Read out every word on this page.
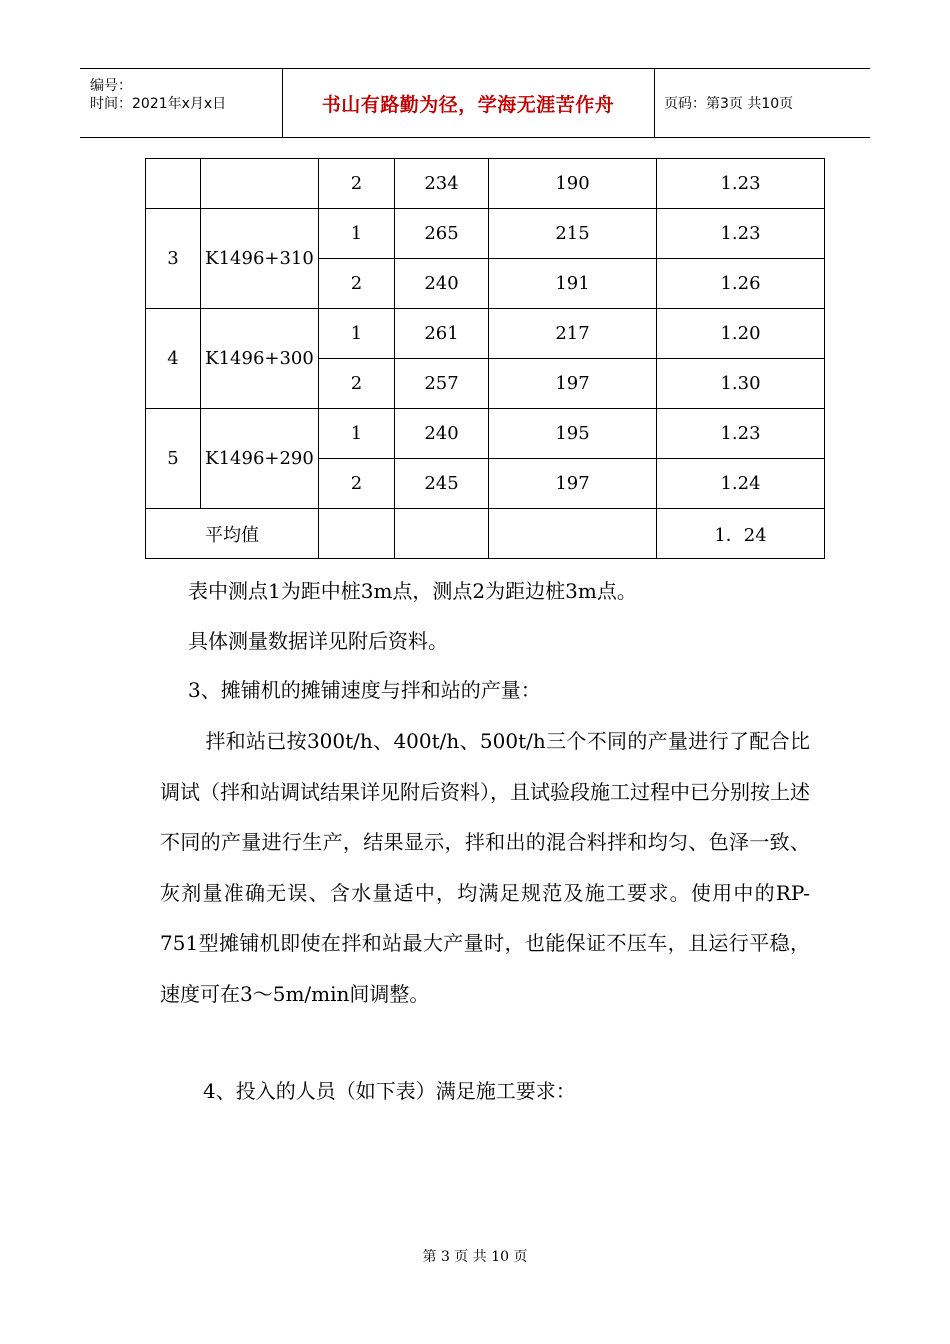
编号：
时间：2021年x月x日	书山有路勤为径，学海无涯苦作舟	页码：第3页 共10页
		2	234	190	1.23
3	K1496+310	1	265	215	1.23
		2	240	191	1.26
4	K1496+300	1	261	217	1.20
		2	257	197	1.30
5	K1496+290	1	240	195	1.23
		2	245	197	1.24
平均值					1．24
表中测点1为距中桩3m点，测点2为距边桩3m点。
具体测量数据详见附后资料。
3、摊铺机的摊铺速度与拌和站的产量：
拌和站已按300t/h、400t/h、500t/h三个不同的产量进行了配合比调试（拌和站调试结果详见附后资料），且试验段施工过程中已分别按上述不同的产量进行生产，结果显示，拌和出的混合料拌和均匀、色泽一致、灰剂量准确无误、含水量适中，均满足规范及施工要求。使用中的RP-751型摊铺机即使在拌和站最大产量时，也能保证不压车，且运行平稳，速度可在3～5m/min间调整。
4、投入的人员（如下表）满足施工要求：
第 3 页 共 10 页
